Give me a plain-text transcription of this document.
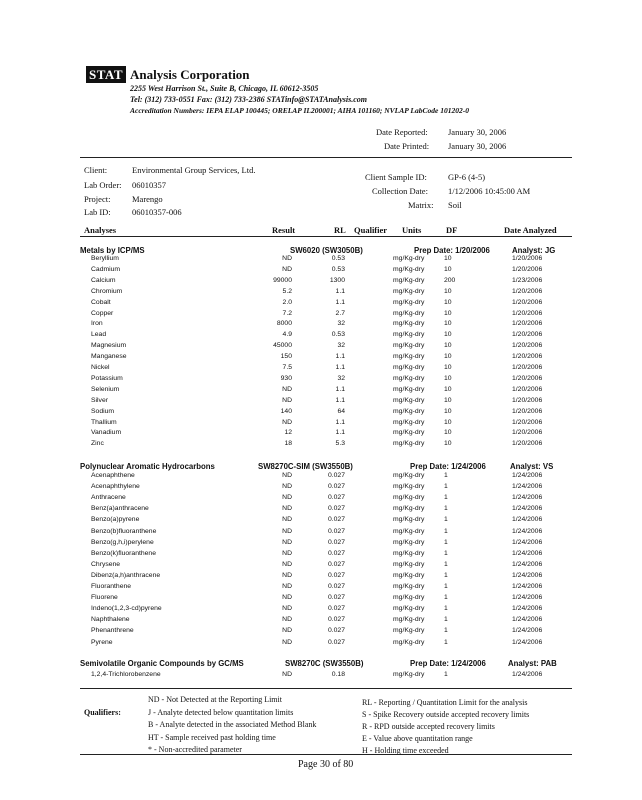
STAT Analysis Corporation
2255 West Harrison St., Suite B, Chicago, IL 60612-3505
Tel: (312) 733-0551 Fax: (312) 733-2386 STATinfo@STATAnalysis.com
Accreditation Numbers: IEPA ELAP 100445; ORELAP IL200001; AIHA 101160; NVLAP LabCode 101202-0
Date Reported: January 30, 2006
Date Printed: January 30, 2006
Client:	Environmental Group Services, Ltd.
Lab Order: 06010357
Project:	Marengo
Lab ID:	06010357-006
Client Sample ID: GP-6 (4-5)
Collection Date: 1/12/2006 10:45:00 AM
Matrix: Soil
Analyses	Result	RL Qualifier Units	DF	Date Analyzed
Metals by ICP/MS	SW6020 (SW3050B)	Prep Date: 1/20/2006	Analyst: JG
Beryllium	ND	0.53	mg/Kg-dry	10	1/20/2006
Cadmium	ND	0.53	mg/Kg-dry	10	1/20/2006
Calcium	99000	1300	mg/Kg-dry	200	1/23/2006
Chromium	5.2	1.1	mg/Kg-dry	10	1/20/2006
Cobalt	2.0	1.1	mg/Kg-dry	10	1/20/2006
Copper	7.2	2.7	mg/Kg-dry	10	1/20/2006
Iron	8000	32	mg/Kg-dry	10	1/20/2006
Lead	4.9	0.53	mg/Kg-dry	10	1/20/2006
Magnesium	45000	32	mg/Kg-dry	10	1/20/2006
Manganese	150	1.1	mg/Kg-dry	10	1/20/2006
Nickel	7.5	1.1	mg/Kg-dry	10	1/20/2006
Potassium	930	32	mg/Kg-dry	10	1/20/2006
Selenium	ND	1.1	mg/Kg-dry	10	1/20/2006
Silver	ND	1.1	mg/Kg-dry	10	1/20/2006
Sodium	140	64	mg/Kg-dry	10	1/20/2006
Thallium	ND	1.1	mg/Kg-dry	10	1/20/2006
Vanadium	12	1.1	mg/Kg-dry	10	1/20/2006
Zinc	18	5.3	mg/Kg-dry	10	1/20/2006
Polynuclear Aromatic Hydrocarbons	SW8270C-SIM (SW3550B)	Prep Date: 1/24/2006	Analyst: VS
Acenaphthene	ND	0.027	mg/Kg-dry	1	1/24/2006
Acenaphthylene	ND	0.027	mg/Kg-dry	1	1/24/2006
Anthracene	ND	0.027	mg/Kg-dry	1	1/24/2006
Benz(a)anthracene	ND	0.027	mg/Kg-dry	1	1/24/2006
Benzo(a)pyrene	ND	0.027	mg/Kg-dry	1	1/24/2006
Benzo(b)fluoranthene	ND	0.027	mg/Kg-dry	1	1/24/2006
Benzo(g,h,i)perylene	ND	0.027	mg/Kg-dry	1	1/24/2006
Benzo(k)fluoranthene	ND	0.027	mg/Kg-dry	1	1/24/2006
Chrysene	ND	0.027	mg/Kg-dry	1	1/24/2006
Dibenz(a,h)anthracene	ND	0.027	mg/Kg-dry	1	1/24/2006
Fluoranthene	ND	0.027	mg/Kg-dry	1	1/24/2006
Fluorene	ND	0.027	mg/Kg-dry	1	1/24/2006
Indeno(1,2,3-cd)pyrene	ND	0.027	mg/Kg-dry	1	1/24/2006
Naphthalene	ND	0.027	mg/Kg-dry	1	1/24/2006
Phenanthrene	ND	0.027	mg/Kg-dry	1	1/24/2006
Pyrene	ND	0.027	mg/Kg-dry	1	1/24/2006
Semivolatile Organic Compounds by GC/MS	SW8270C (SW3550B)	Prep Date: 1/24/2006	Analyst: PAB
1,2,4-Trichlorobenzene	ND	0.18	mg/Kg-dry	1	1/24/2006
Qualifiers:
ND - Not Detected at the Reporting Limit
J - Analyte detected below quantitation limits
B - Analyte detected in the associated Method Blank
HT - Sample received past holding time
* - Non-accredited parameter
RL - Reporting / Quantitation Limit for the analysis
S - Spike Recovery outside accepted recovery limits
R - RPD outside accepted recovery limits
E - Value above quantitation range
H - Holding time exceeded
Page 30 of 80
